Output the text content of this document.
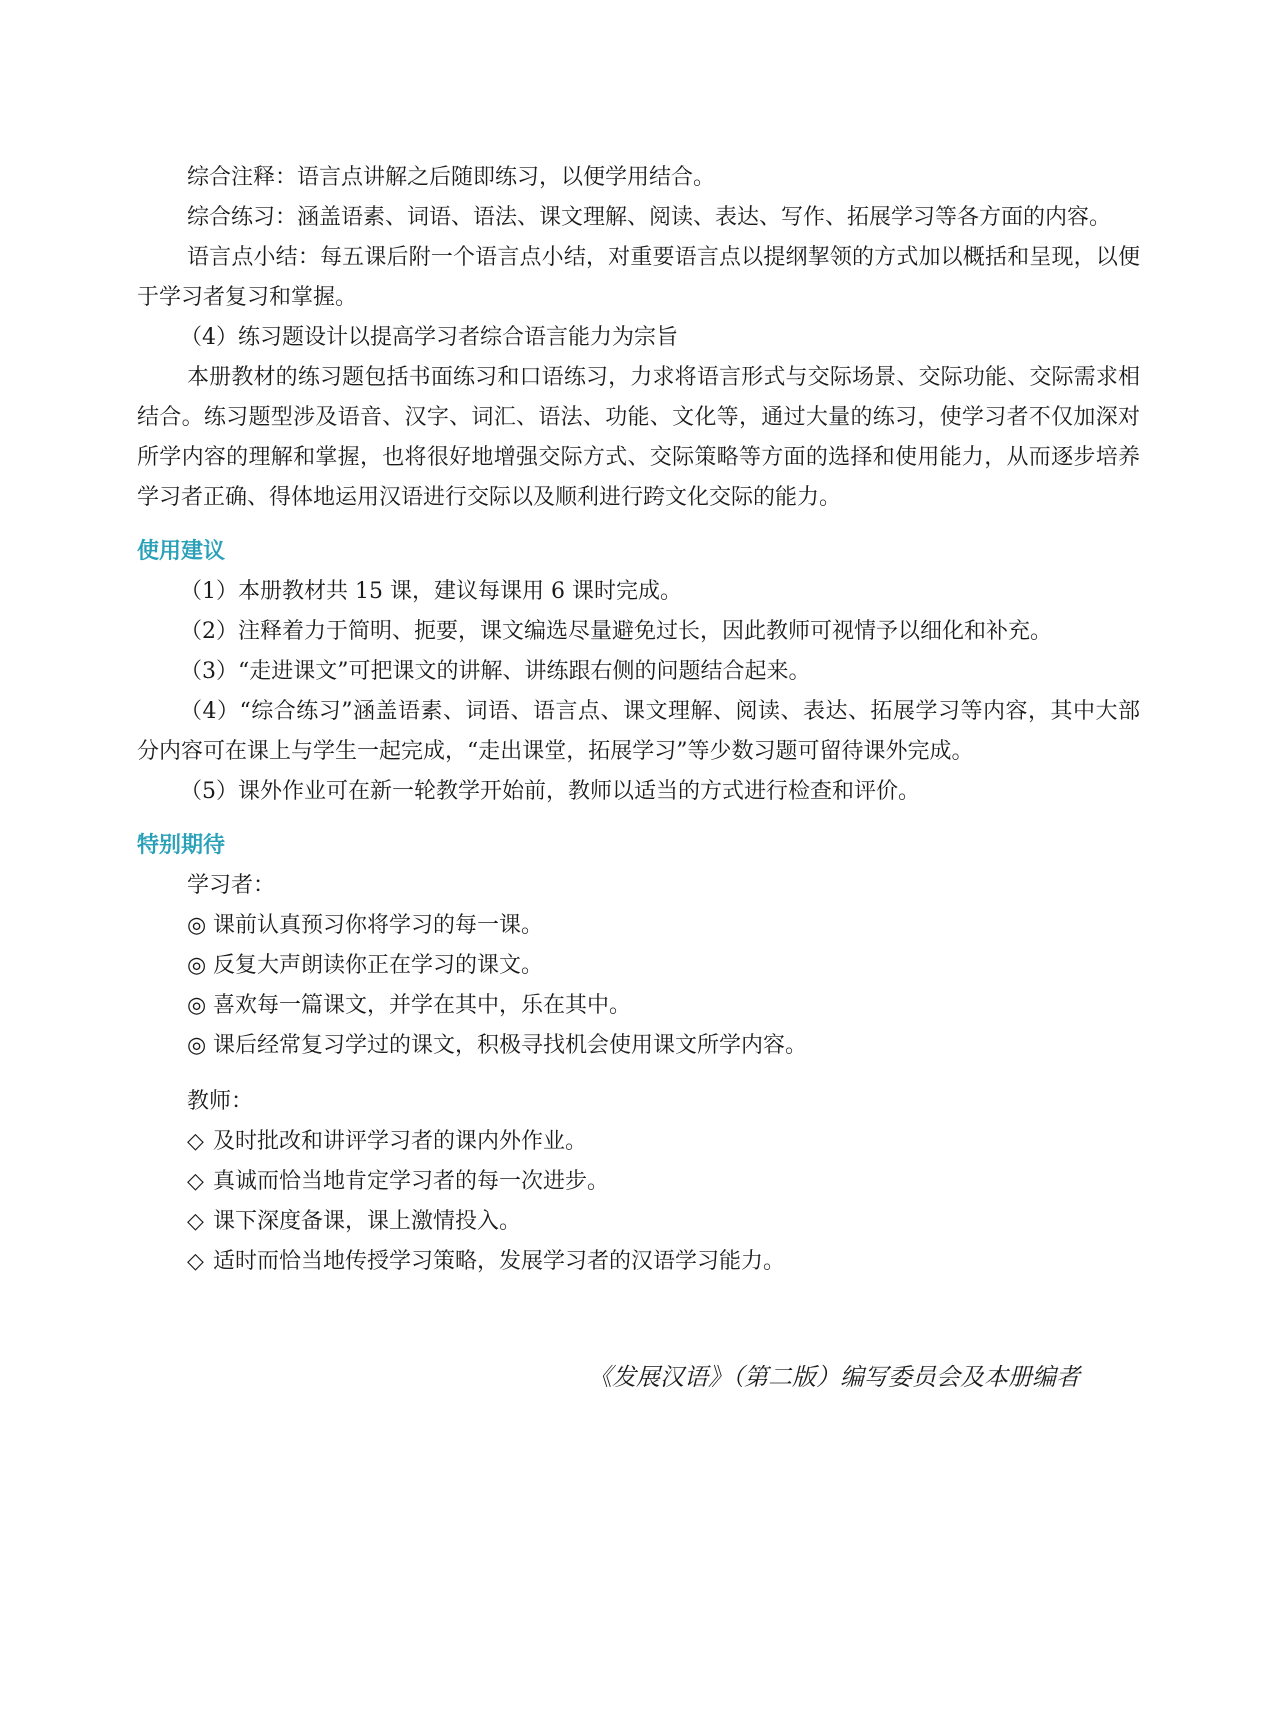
综合注释：语言点讲解之后随即练习，以便学用结合。

综合练习：涵盖语素、词语、语法、课文理解、阅读、表达、写作、拓展学习等各方面的内容。

语言点小结：每五课后附一个语言点小结，对重要语言点以提纲挈领的方式加以概括和呈现，以便于学习者复习和掌握。

（4）练习题设计以提高学习者综合语言能力为宗旨

本册教材的练习题包括书面练习和口语练习，力求将语言形式与交际场景、交际功能、交际需求相结合。练习题型涉及语音、汉字、词汇、语法、功能、文化等，通过大量的练习，使学习者不仅加深对所学内容的理解和掌握，也将很好地增强交际方式、交际策略等方面的选择和使用能力，从而逐步培养学习者正确、得体地运用汉语进行交际以及顺利进行跨文化交际的能力。

使用建议

（1）本册教材共 15 课，建议每课用 6 课时完成。

（2）注释着力于简明、扼要，课文编选尽量避免过长，因此教师可视情予以细化和补充。

（3）“走进课文”可把课文的讲解、讲练跟右侧的问题结合起来。

（4）“综合练习”涵盖语素、词语、语言点、课文理解、阅读、表达、拓展学习等内容，其中大部分内容可在课上与学生一起完成，“走出课堂，拓展学习”等少数习题可留待课外完成。

（5）课外作业可在新一轮教学开始前，教师以适当的方式进行检查和评价。

特别期待

学习者：

◎ 课前认真预习你将学习的每一课。

◎ 反复大声朗读你正在学习的课文。

◎ 喜欢每一篇课文，并学在其中，乐在其中。

◎ 课后经常复习学过的课文，积极寻找机会使用课文所学内容。

教师：

◇ 及时批改和讲评学习者的课内外作业。

◇ 真诚而恰当地肯定学习者的每一次进步。

◇ 课下深度备课，课上激情投入。

◇ 适时而恰当地传授学习策略，发展学习者的汉语学习能力。

《发展汉语》（第二版）编写委员会及本册编者
